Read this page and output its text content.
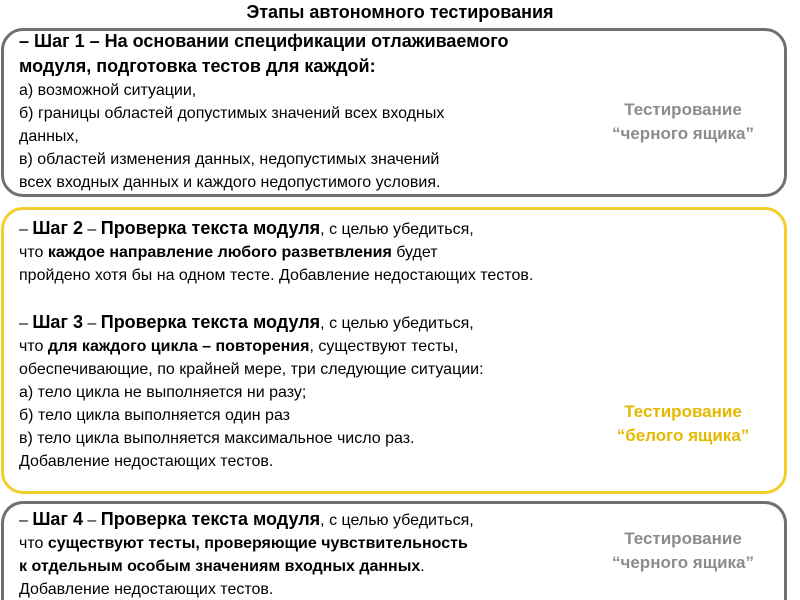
Этапы автономного тестирования
– Шаг 1 – На основании спецификации отлаживаемого
модуля, подготовка тестов для каждой:
а) возможной ситуации,
б) границы областей допустимых значений всех входных
данных,
в) областей изменения данных, недопустимых значений
всех входных данных и каждого недопустимого условия.
Тестирование
“черного ящика”
– Шаг 2 – Проверка текста модуля, с целью убедиться,
что каждое направление любого разветвления будет
пройдено хотя бы на одном тесте. Добавление недостающих тестов.
– Шаг 3 – Проверка текста модуля, с целью убедиться,
что для каждого цикла – повторения, существуют тесты,
обеспечивающие, по крайней мере, три следующие ситуации:
а) тело цикла не выполняется ни разу;
б) тело цикла выполняется один раз
в) тело цикла выполняется максимальное число раз.
Добавление недостающих тестов.
Тестирование
“белого ящика”
– Шаг 4 – Проверка текста модуля, с целью убедиться,
что существуют тесты, проверяющие чувствительность
к отдельным особым значениям входных данных.
Добавление недостающих тестов.
Тестирование
“черного ящика”
